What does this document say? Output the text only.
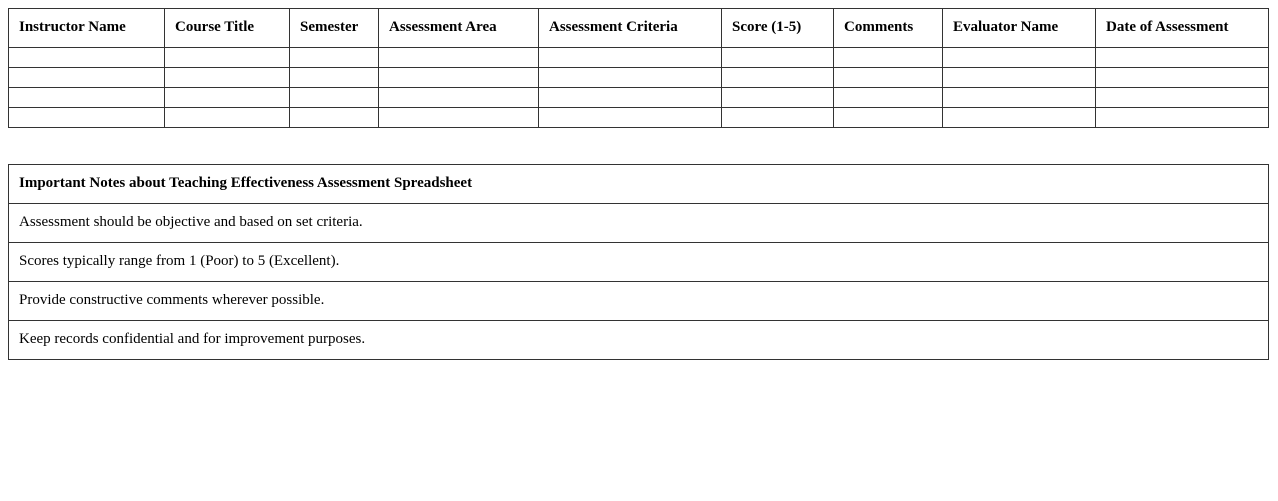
Instructor Name	Course Title	Semester	Assessment Area	Assessment Criteria	Score (1-5)	Comments	Evaluator Name	Date of Assessment

Important Notes about Teaching Effectiveness Assessment Spreadsheet
Assessment should be objective and based on set criteria.
Scores typically range from 1 (Poor) to 5 (Excellent).
Provide constructive comments wherever possible.
Keep records confidential and for improvement purposes.
